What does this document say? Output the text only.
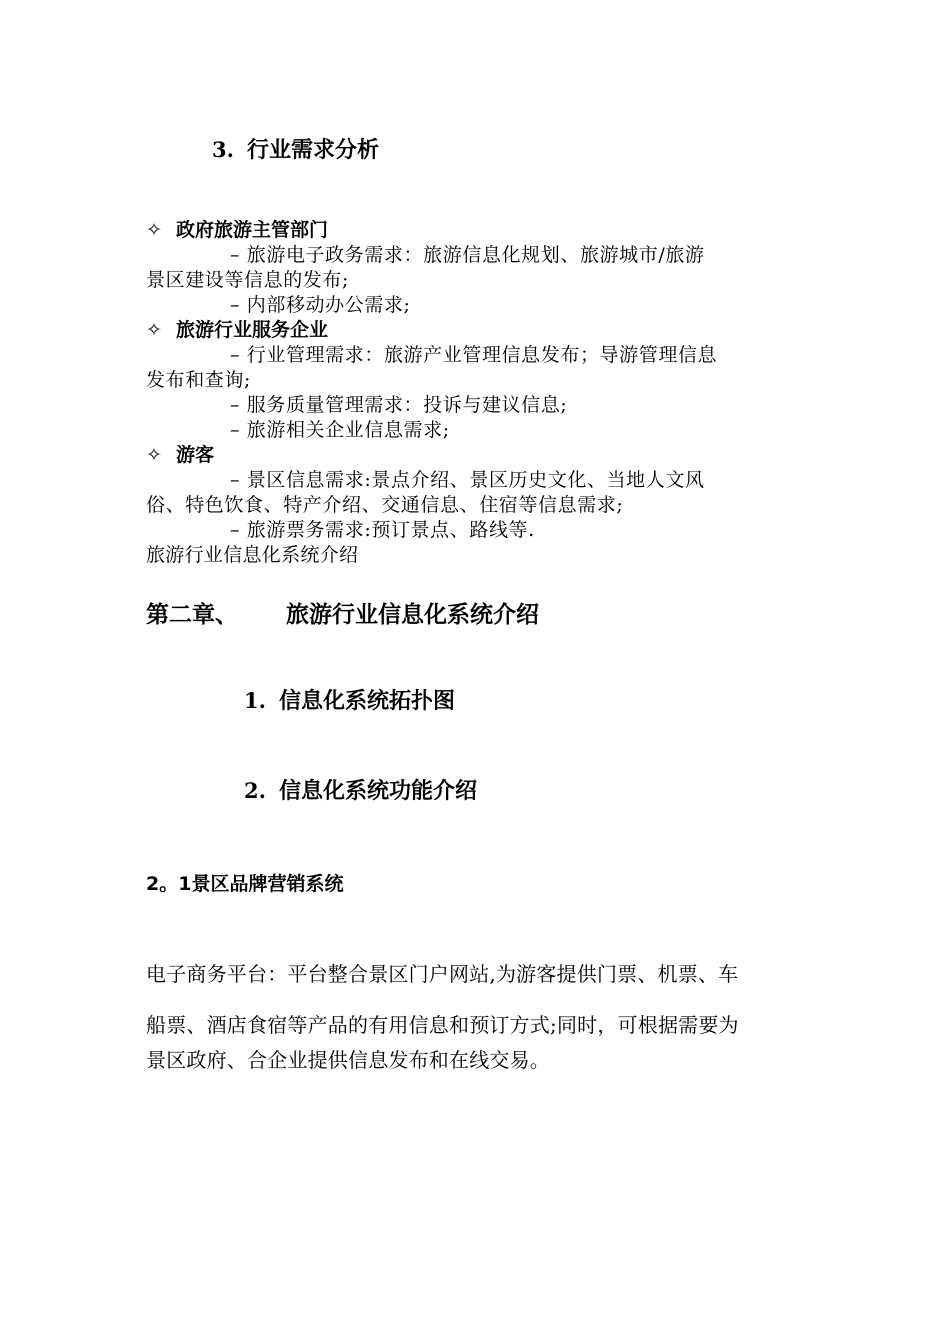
3. 行业需求分析
✧ 政府旅游主管部门
– 旅游电子政务需求：旅游信息化规划、旅游城市/旅游
景区建设等信息的发布;
– 内部移动办公需求;
✧ 旅游行业服务企业
– 行业管理需求：旅游产业管理信息发布；导游管理信息
发布和查询;
– 服务质量管理需求：投诉与建议信息;
– 旅游相关企业信息需求;
✧ 游客
– 景区信息需求:景点介绍、景区历史文化、当地人文风
俗、特色饮食、特产介绍、交通信息、住宿等信息需求;
– 旅游票务需求:预订景点、路线等.
旅游行业信息化系统介绍
第二章、 旅游行业信息化系统介绍
1. 信息化系统拓扑图
2. 信息化系统功能介绍
2。1景区品牌营销系统
电子商务平台：平台整合景区门户网站,为游客提供门票、机票、车
船票、酒店食宿等产品的有用信息和预订方式;同时，可根据需要为
景区政府、合企业提供信息发布和在线交易。
